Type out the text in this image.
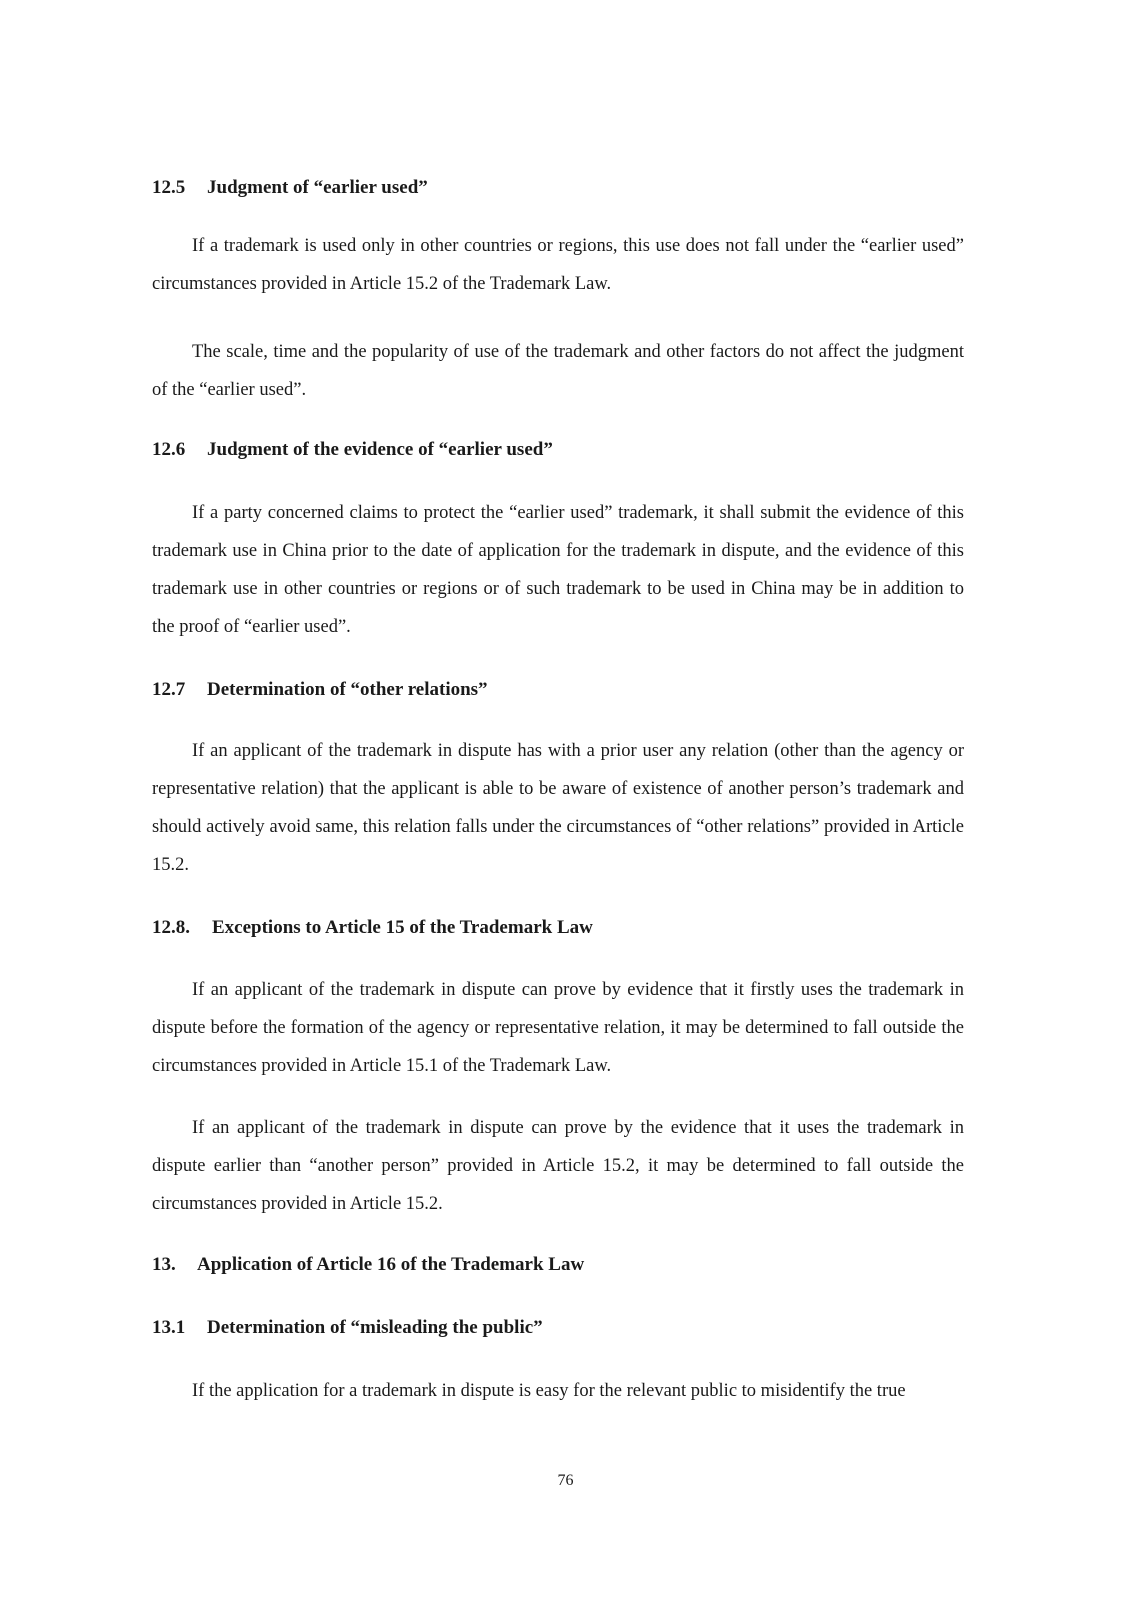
12.5 Judgment of “earlier used”

If a trademark is used only in other countries or regions, this use does not fall under the “earlier used” circumstances provided in Article 15.2 of the Trademark Law.

The scale, time and the popularity of use of the trademark and other factors do not affect the judgment of the “earlier used”.

12.6 Judgment of the evidence of “earlier used”

If a party concerned claims to protect the “earlier used” trademark, it shall submit the evidence of this trademark use in China prior to the date of application for the trademark in dispute, and the evidence of this trademark use in other countries or regions or of such trademark to be used in China may be in addition to the proof of “earlier used”.

12.7 Determination of “other relations”

If an applicant of the trademark in dispute has with a prior user any relation (other than the agency or representative relation) that the applicant is able to be aware of existence of another person’s trademark and should actively avoid same, this relation falls under the circumstances of “other relations” provided in Article 15.2.

12.8. Exceptions to Article 15 of the Trademark Law

If an applicant of the trademark in dispute can prove by evidence that it firstly uses the trademark in dispute before the formation of the agency or representative relation, it may be determined to fall outside the circumstances provided in Article 15.1 of the Trademark Law.

If an applicant of the trademark in dispute can prove by the evidence that it uses the trademark in dispute earlier than “another person” provided in Article 15.2, it may be determined to fall outside the circumstances provided in Article 15.2.

13. Application of Article 16 of the Trademark Law
13.1 Determination of “misleading the public”

If the application for a trademark in dispute is easy for the relevant public to misidentify the true

76
